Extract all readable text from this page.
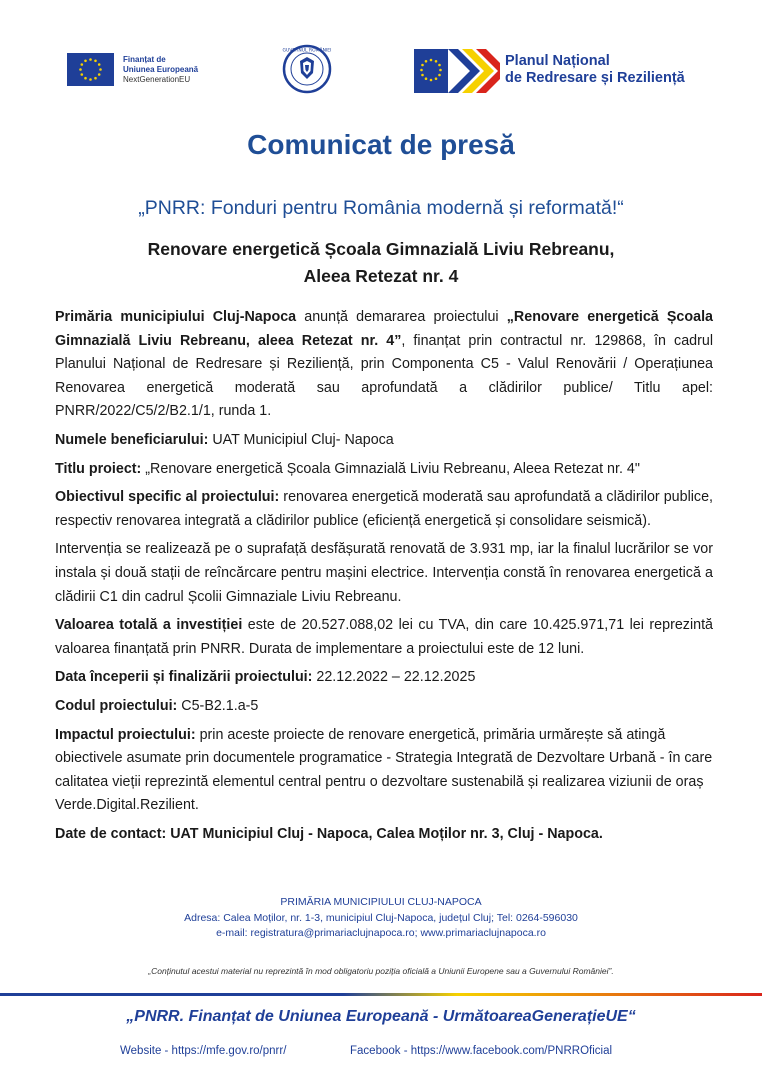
Finanțat de
Uniunea Europeană
NextGenerationEU
GUVERNUL ROMÂNIEI
Planul Național
de Redresare și Reziliență
Comunicat de presă
„PNRR: Fonduri pentru România modernă și reformată!“
Renovare energetică Școala Gimnazială Liviu Rebreanu,
Aleea Retezat nr. 4

Primăria municipiului Cluj-Napoca anunță demararea proiectului „Renovare energetică Școala Gimnazială Liviu Rebreanu, aleea Retezat nr. 4”, finanțat prin contractul nr. 129868, în cadrul Planului Național de Redresare și Reziliență, prin Componenta C5 - Valul Renovării / Operațiunea Renovarea energetică moderată sau aprofundată a clădirilor publice/ Titlu apel: PNRR/2022/C5/2/B2.1/1, runda 1.

Numele beneficiarului: UAT Municipiul Cluj- Napoca

Titlu proiect: „Renovare energetică Școala Gimnazială Liviu Rebreanu, Aleea Retezat nr. 4"

Obiectivul specific al proiectului: renovarea energetică moderată sau aprofundată a clădirilor publice, respectiv renovarea integrată a clădirilor publice (eficiență energetică și consolidare seismică).

Intervenția se realizează pe o suprafață desfășurată renovată de 3.931 mp, iar la finalul lucrărilor se vor instala și două stații de reîncărcare pentru mașini electrice. Intervenția constă în renovarea energetică a clădirii C1 din cadrul Școlii Gimnaziale Liviu Rebreanu.

Valoarea totală a investiției este de 20.527.088,02 lei cu TVA, din care 10.425.971,71 lei reprezintă valoarea finanțată prin PNRR. Durata de implementare a proiectului este de 12 luni.

Data începerii și finalizării proiectului: 22.12.2022 – 22.12.2025

Codul proiectului: C5-B2.1.a-5

Impactul proiectului: prin aceste proiecte de renovare energetică, primăria urmărește să atingă obiectivele asumate prin documentele programatice - Strategia Integrată de Dezvoltare Urbană - în care calitatea vieții reprezintă elementul central pentru o dezvoltare sustenabilă și realizarea viziunii de oraș Verde.Digital.Rezilient.

Date de contact: UAT Municipiul Cluj - Napoca, Calea Moților nr. 3, Cluj - Napoca.

PRIMĂRIA MUNICIPIULUI CLUJ-NAPOCA
Adresa: Calea Moților, nr. 1-3, municipiul Cluj-Napoca, județul Cluj; Tel: 0264-596030
e-mail: registratura@primariaclujnapoca.ro; www.primariaclujnapoca.ro
„Conținutul acestui material nu reprezintă în mod obligatoriu poziția oficială a Uniunii Europene sau a Guvernului României”.
„PNRR. Finanțat de Uniunea Europeană - UrmătoareaGenerațieUE“
Website - https://mfe.gov.ro/pnrr/	Facebook - https://www.facebook.com/PNRROficial
